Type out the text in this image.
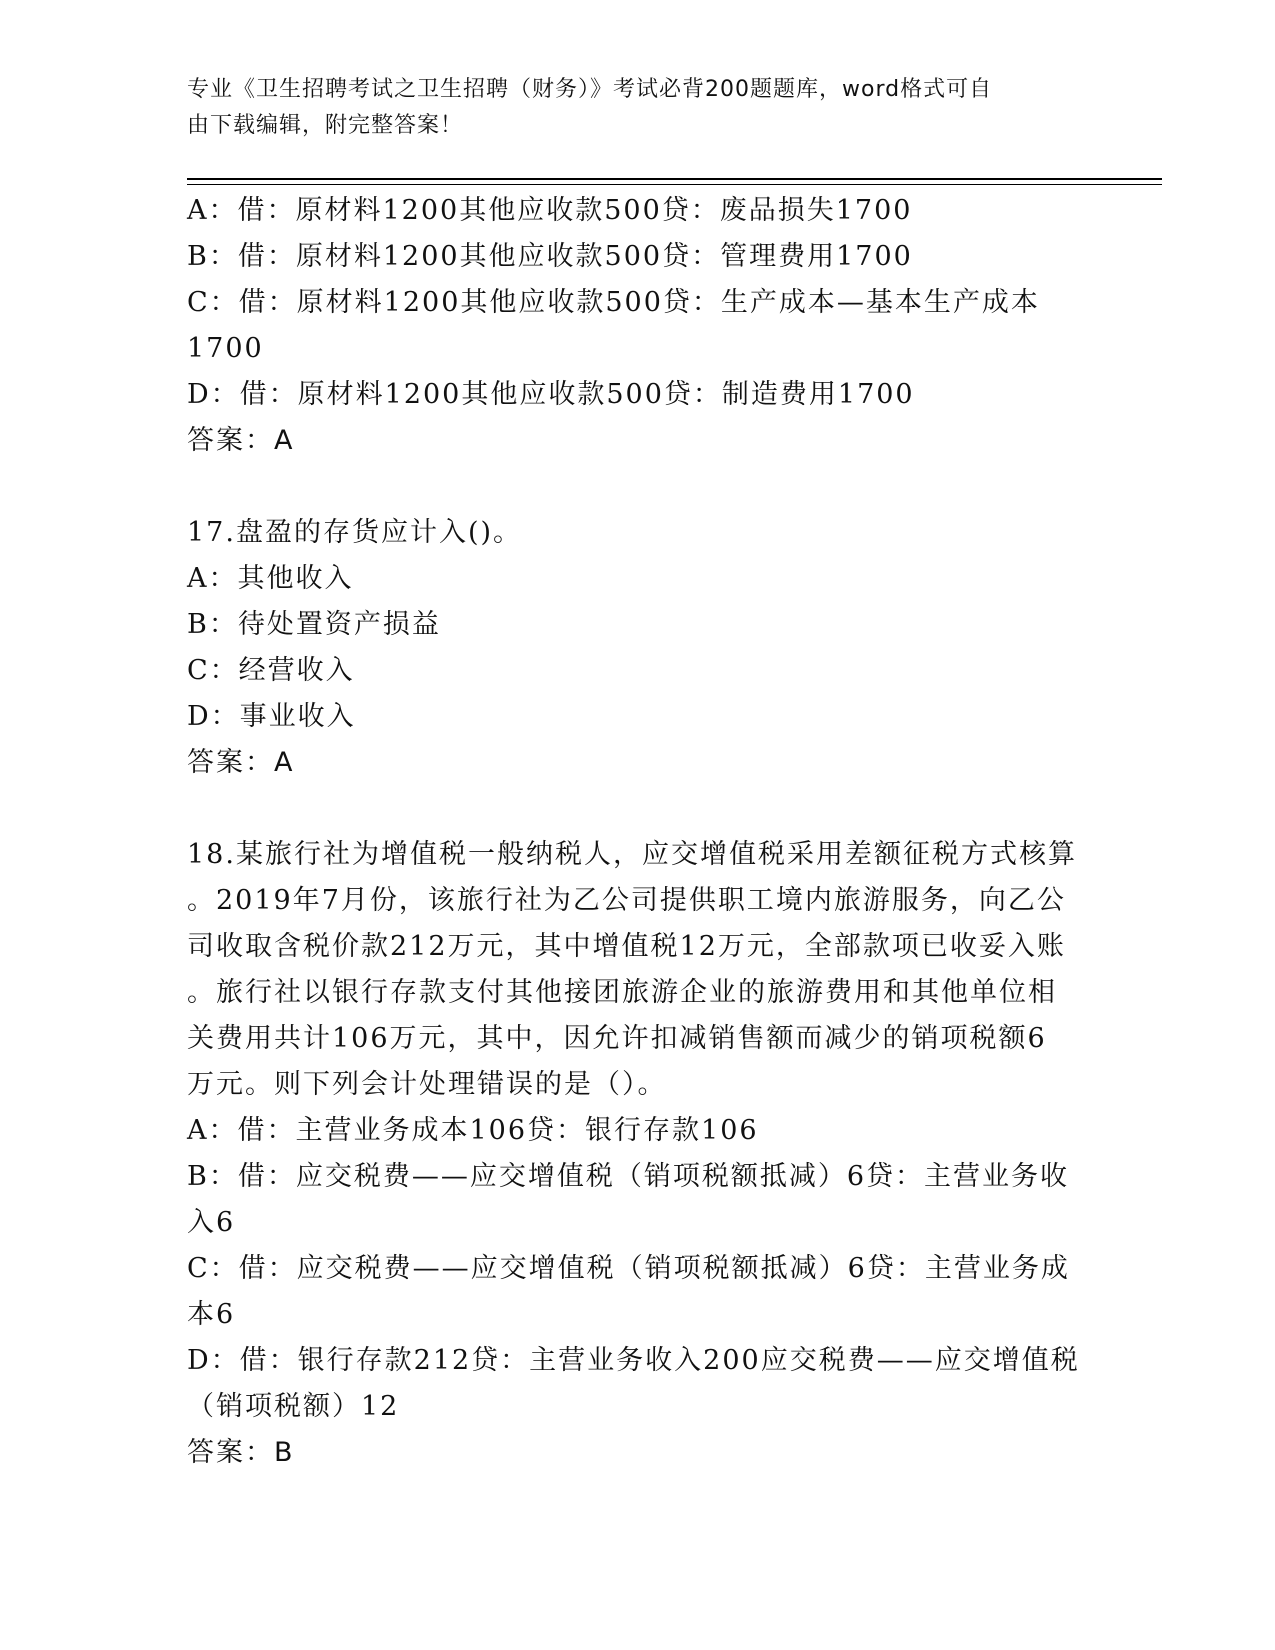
专业《卫生招聘考试之卫生招聘（财务）》考试必背200题题库，word格式可自
由下载编辑，附完整答案！
A：借：原材料1200其他应收款500贷：废品损失1700
B：借：原材料1200其他应收款500贷：管理费用1700
C：借：原材料1200其他应收款500贷：生产成本—基本生产成本
1700
D：借：原材料1200其他应收款500贷：制造费用1700
答案：A
17.盘盈的存货应计入()。
A：其他收入
B：待处置资产损益
C：经营收入
D：事业收入
答案：A
18.某旅行社为增值税一般纳税人，应交增值税采用差额征税方式核算
。2019年7月份，该旅行社为乙公司提供职工境内旅游服务，向乙公
司收取含税价款212万元，其中增值税12万元，全部款项已收妥入账
。旅行社以银行存款支付其他接团旅游企业的旅游费用和其他单位相
关费用共计106万元，其中，因允许扣减销售额而减少的销项税额6
万元。则下列会计处理错误的是（）。
A：借：主营业务成本106贷：银行存款106
B：借：应交税费——应交增值税（销项税额抵减）6贷：主营业务收
入6
C：借：应交税费——应交增值税（销项税额抵减）6贷：主营业务成
本6
D：借：银行存款212贷：主营业务收入200应交税费——应交增值税
（销项税额）12
答案：B
